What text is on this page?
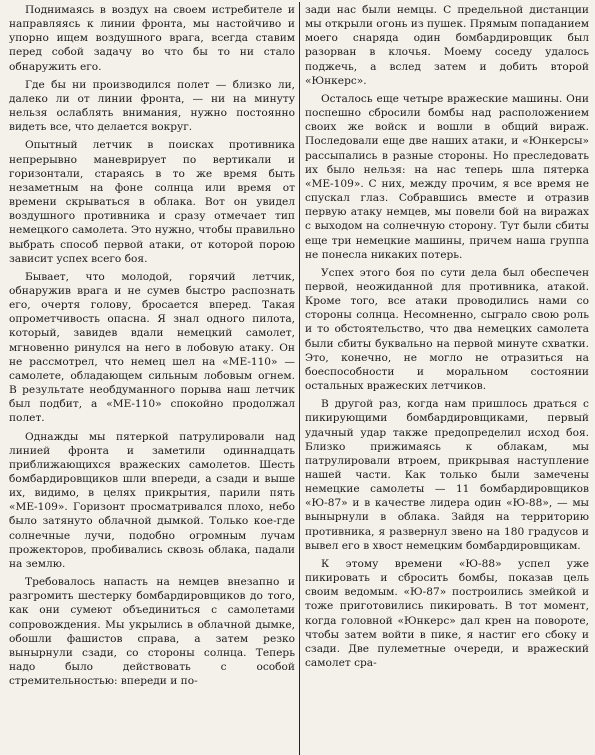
Поднимаясь в воздух на своем истребителе и направляясь к линии фронта, мы настойчиво и упорно ищем воздушного врага, всегда ставим перед собой задачу во что бы то ни стало обнаружить его.

Где бы ни производился полет — близко ли, далеко ли от линии фронта, — ни на минуту нельзя ослаблять внимания, нужно постоянно видеть все, что делается вокруг.

Опытный летчик в поисках противника непрерывно маневрирует по вертикали и горизонтали, стараясь в то же время быть незаметным на фоне солнца или время от времени скрываться в облака. Вот он увидел воздушного противника и сразу отмечает тип немецкого самолета. Это нужно, чтобы правильно выбрать способ первой атаки, от которой порою зависит успех всего боя.

Бывает, что молодой, горячий летчик, обнаружив врага и не сумев быстро распознать его, очертя голову, бросается вперед. Такая опрометчивость опасна. Я знал одного пилота, который, завидев вдали немецкий самолет, мгновенно ринулся на него в лобовую атаку. Он не рассмотрел, что немец шел на «МЕ-110» — самолете, обладающем сильным лобовым огнем. В результате необдуманного порыва наш летчик был подбит, а «МЕ-110» спокойно продолжал полет.

Однажды мы пятеркой патрулировали над линией фронта и заметили одиннадцать приближающихся вражеских самолетов. Шесть бомбардировщиков шли впереди, а сзади и выше их, видимо, в целях прикрытия, парили пять «МЕ-109». Горизонт просматривался плохо, небо было затянуто облачной дымкой. Только кое-где солнечные лучи, подобно огромным лучам прожекторов, пробивались сквозь облака, падали на землю.

Требовалось напасть на немцев внезапно и разгромить шестерку бомбардировщиков до того, как они сумеют объединиться с самолетами сопровождения. Мы укрылись в облачной дымке, обошли фашистов справа, а затем резко вынырнули сзади, со стороны солнца. Теперь надо было действовать с особой стремительностью: впереди и по-

зади нас были немцы. С предельной дистанции мы открыли огонь из пушек. Прямым попаданием моего снаряда один бомбардировщик был разорван в клочья. Моему соседу удалось поджечь, а вслед затем и добить второй «Юнкерс».

Осталось еще четыре вражеские машины. Они поспешно сбросили бомбы над расположением своих же войск и вошли в общий вираж. Последовали еще две наших атаки, и «Юнкерсы» рассыпались в разные стороны. Но преследовать их было нельзя: на нас теперь шла пятерка «МЕ-109». С них, между прочим, я все время не спускал глаз. Собравшись вместе и отразив первую атаку немцев, мы повели бой на виражах с выходом на солнечную сторону. Тут были сбиты еще три немецкие машины, причем наша группа не понесла никаких потерь.

Успех этого боя по сути дела был обеспечен первой, неожиданной для противника, атакой. Кроме того, все атаки проводились нами со стороны солнца. Несомненно, сыграло свою роль и то обстоятельство, что два немецких самолета были сбиты буквально на первой минуте схватки. Это, конечно, не могло не отразиться на боеспособности и моральном состоянии остальных вражеских летчиков.

В другой раз, когда нам пришлось драться с пикирующими бомбардировщиками, первый удачный удар также предопределил исход боя. Близко прижимаясь к облакам, мы патрулировали втроем, прикрывая наступление нашей части. Как только были замечены немецкие самолеты — 11 бомбардировщиков «Ю-87» и в качестве лидера один «Ю-88», — мы вынырнули в облака. Зайдя на территорию противника, я развернул звено на 180 градусов и вывел его в хвост немецким бомбардировщикам.

К этому времени «Ю-88» успел уже пикировать и сбросить бомбы, показав цель своим ведомым. «Ю-87» построились змейкой и тоже приготовились пикировать. В тот момент, когда головной «Юнкерс» дал крен на повороте, чтобы затем войти в пике, я настиг его сбоку и сзади. Две пулеметные очереди, и вражеский самолет сра-
